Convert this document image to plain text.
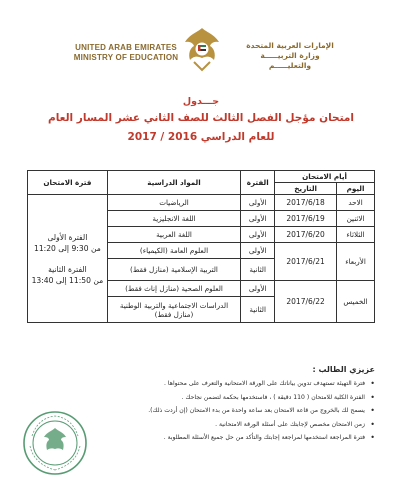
UNITED ARAB EMIRATES
MINISTRY OF EDUCATION
الإمارات العربية المتحدة
وزارة التربيـــــة والتعليـــــم
جـــدول
امتحان مؤجل الفصل الثالث للصف الثاني عشر المسار العام
للعام الدراسي 2016 / 2017
أيام الامتحان		الفترة	المواد الدراسية	فترة الامتحان
اليوم	التاريخ			
الاحد	2017/6/18	الأولى	الرياضيات	الفترة الأولى
من 9:30 إلى 11:20
الفترة الثانية
من 11:50 إلى 13:40
الاثنين	2017/6/19	الأولى	اللغة الانجليزية	
الثلاثاء	2017/6/20	الأولى	اللغة العربية	
الأربعاء	2017/6/21	الأولى	العلوم العامة (الكيمياء)	
		الثانية	التربية الإسلامية (منازل فقط)	
الخميس	2017/6/22	الأولى	العلوم الصحية (منازل إناث فقط)	
		الثانية	الدراسات الاجتماعية والتربية الوطنية (منازل فقط)	
عزيزي الطالب :
• فترة التهيئة تستهدف تدوين بياناتك على الورقة الامتحانية والتعرف على محتواها .
• الفترة الكلية للامتحان ( 110 دقيقة ) ، فاستخدمها بحكمة لتضمن نجاحك .
• يسمح لك بالخروج من قاعة الامتحان بعد ساعة واحدة من بدء الامتحان (إن أردت ذلك).
• زمن الامتحان مخصص لإجابتك على أسئلة الورقة الامتحانية .
• فترة المراجعة استخدمها لمراجعة إجابتك والتأكد من حل جميع الأسئلة المطلوبة .
